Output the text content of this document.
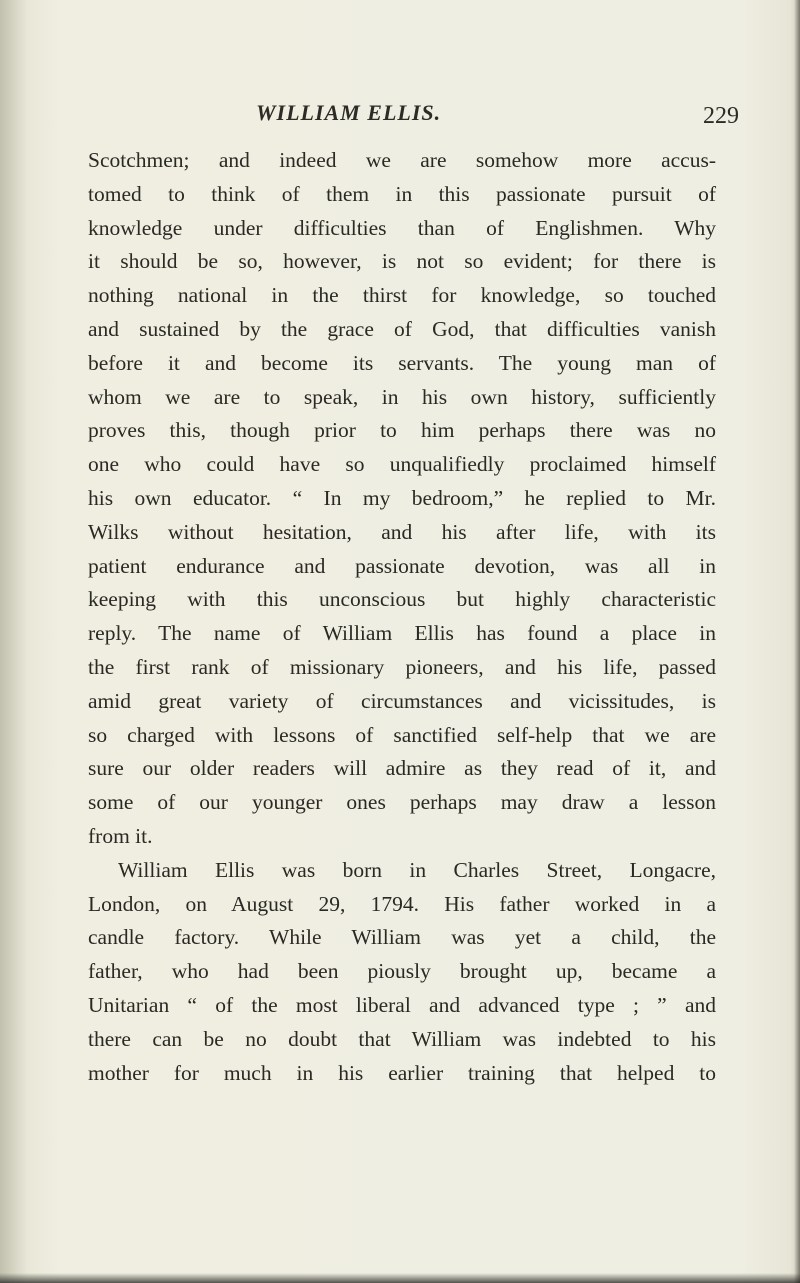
WILLIAM ELLIS.	229
Scotchmen; and indeed we are somehow more accus-
tomed to think of them in this passionate pursuit of
knowledge under difficulties than of Englishmen. Why
it should be so, however, is not so evident; for there is
nothing national in the thirst for knowledge, so touched
and sustained by the grace of God, that difficulties vanish
before it and become its servants. The young man of
whom we are to speak, in his own history, sufficiently
proves this, though prior to him perhaps there was no
one who could have so unqualifiedly proclaimed himself
his own educator. “ In my bedroom,” he replied to Mr.
Wilks without hesitation, and his after life, with its
patient endurance and passionate devotion, was all in
keeping with this unconscious but highly characteristic
reply. The name of William Ellis has found a place in
the first rank of missionary pioneers, and his life, passed
amid great variety of circumstances and vicissitudes, is
so charged with lessons of sanctified self-help that we are
sure our older readers will admire as they read of it, and
some of our younger ones perhaps may draw a lesson
from it.
William Ellis was born in Charles Street, Longacre,
London, on August 29, 1794. His father worked in a
candle factory. While William was yet a child, the
father, who had been piously brought up, became a
Unitarian “ of the most liberal and advanced type ; ” and
there can be no doubt that William was indebted to his
mother for much in his earlier training that helped to
